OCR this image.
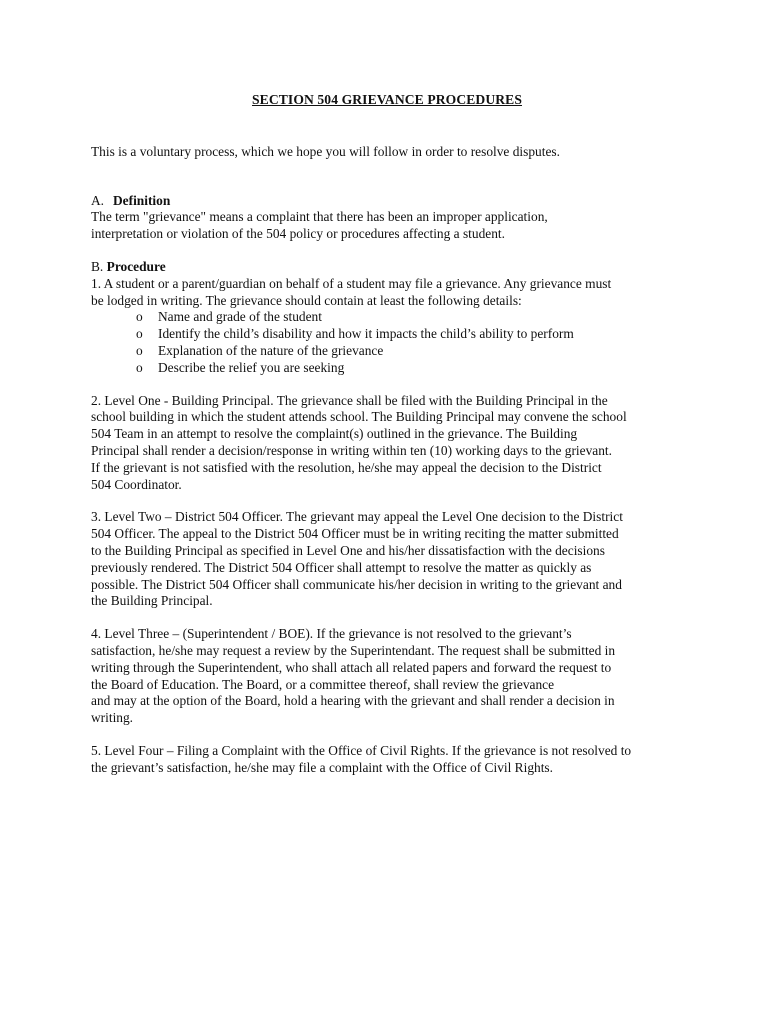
SECTION 504 GRIEVANCE PROCEDURES

This is a voluntary process, which we hope you will follow in order to resolve disputes.

A. Definition

The term "grievance" means a complaint that there has been an improper application,

interpretation or violation of the 504 policy or procedures affecting a student.

B. Procedure

1. A student or a parent/guardian on behalf of a student may file a grievance. Any grievance must

be lodged in writing. The grievance should contain at least the following details:

o	Name and grade of the student
o	Identify the child’s disability and how it impacts the child’s ability to perform
o	Explanation of the nature of the grievance
o	Describe the relief you are seeking

2. Level One - Building Principal. The grievance shall be filed with the Building Principal in the

school building in which the student attends school. The Building Principal may convene the school

504 Team in an attempt to resolve the complaint(s) outlined in the grievance. The Building

Principal shall render a decision/response in writing within ten (10) working days to the grievant.

If the grievant is not satisfied with the resolution, he/she may appeal the decision to the District

504 Coordinator.

3. Level Two – District 504 Officer. The grievant may appeal the Level One decision to the District

504 Officer. The appeal to the District 504 Officer must be in writing reciting the matter submitted

to the Building Principal as specified in Level One and his/her dissatisfaction with the decisions

previously rendered. The District 504 Officer shall attempt to resolve the matter as quickly as

possible. The District 504 Officer shall communicate his/her decision in writing to the grievant and

the Building Principal.

4. Level Three – (Superintendent / BOE). If the grievance is not resolved to the grievant’s

satisfaction, he/she may request a review by the Superintendant. The request shall be submitted in

writing through the Superintendent, who shall attach all related papers and forward the request to

the Board of Education. The Board, or a committee thereof, shall review the grievance

and may at the option of the Board, hold a hearing with the grievant and shall render a decision in

writing.

5. Level Four – Filing a Complaint with the Office of Civil Rights. If the grievance is not resolved to

the grievant’s satisfaction, he/she may file a complaint with the Office of Civil Rights.
